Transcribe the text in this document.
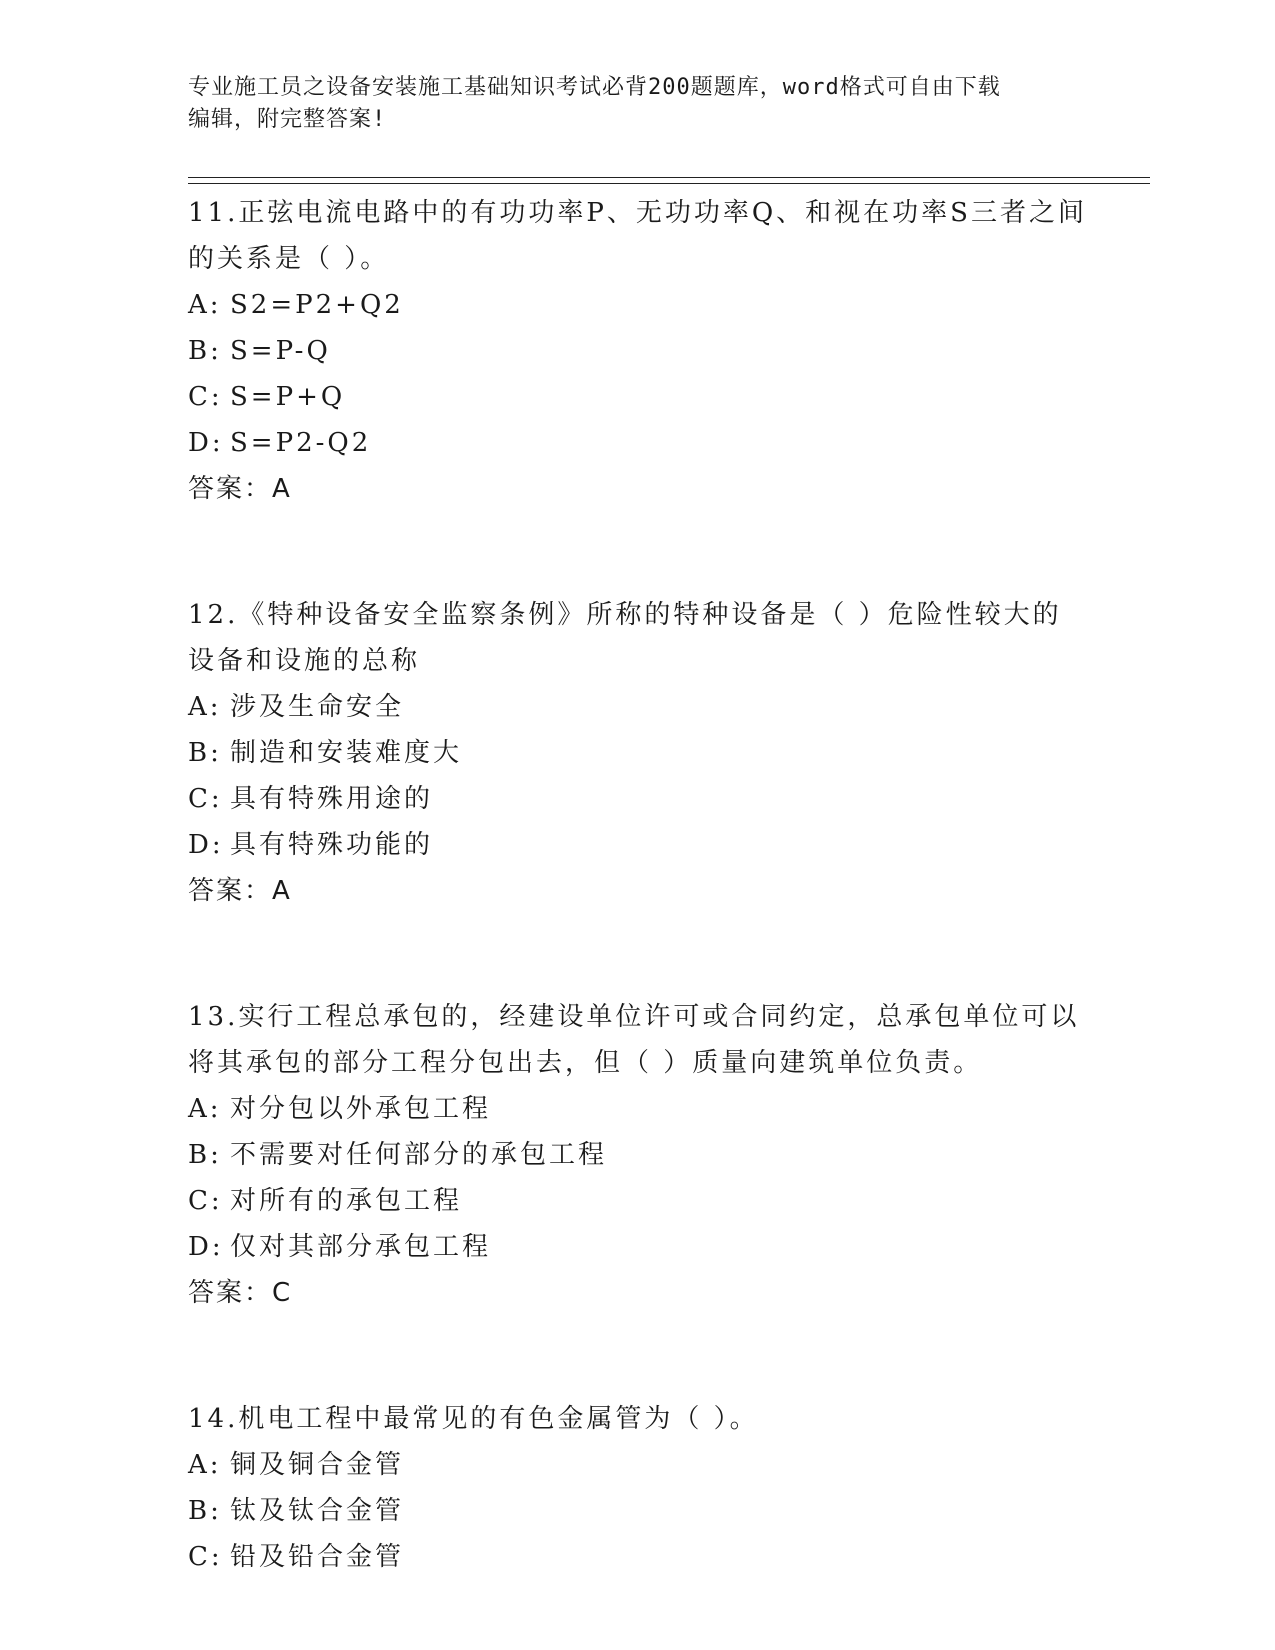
专业施工员之设备安装施工基础知识考试必背200题题库，word格式可自由下载
编辑，附完整答案!

11.正弦电流电路中的有功功率P、无功功率Q、和视在功率S三者之间的关系是（ ）。

A: S2=P2+Q2

B: S=P-Q

C: S=P+Q

D: S=P2-Q2

答案：A

12.《特种设备安全监察条例》所称的特种设备是（ ）危险性较大的设备和设施的总称

A: 涉及生命安全

B: 制造和安装难度大

C: 具有特殊用途的

D: 具有特殊功能的

答案：A

13.实行工程总承包的，经建设单位许可或合同约定，总承包单位可以将其承包的部分工程分包出去，但（ ）质量向建筑单位负责。

A: 对分包以外承包工程

B: 不需要对任何部分的承包工程

C: 对所有的承包工程

D: 仅对其部分承包工程

答案：C

14.机电工程中最常见的有色金属管为（ ）。

A: 铜及铜合金管

B: 钛及钛合金管

C: 铅及铅合金管
